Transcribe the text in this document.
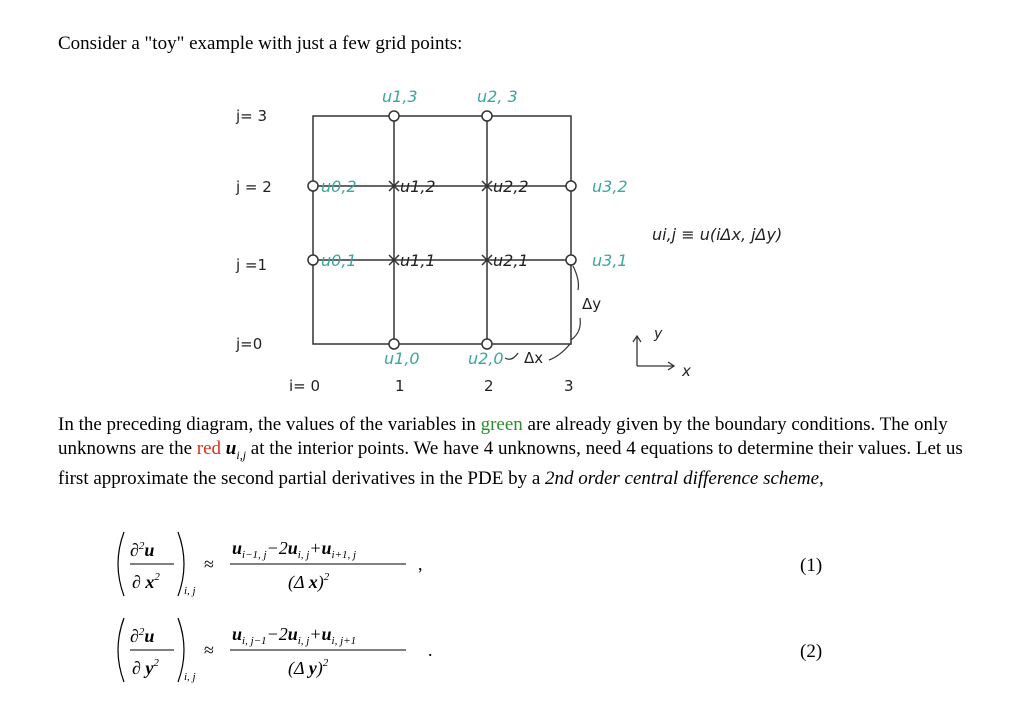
Consider a "toy" example with just a few grid points:
j= 3
j = 2
j =1
j=0
i= 0	1	2	3
u1,3	u2, 3
u0,2	u1,2	u2,2	u3,2
u0,1	u1,1	u2,1	u3,1
u1,0	u2,0 Δx
Δy
ui,j ≡ u(iΔx, jΔy)
y
x
In the preceding diagram, the values of the variables in green are already given by the boundary conditions. The only unknowns are the red $u_{i,j}$ at the interior points. We have 4 unknowns, need 4 equations to determine their values. Let us first approximate the second partial derivatives in the PDE by a 2nd order central difference scheme,
∂$^2$u
∂ $x^2$
i, j
≈
$u_{i-1, j}-2u_{i, j}+u_{i+1, j}$
(Δ x)$^2$
,	(1)
∂$^2$u
∂ $y^2$
i, j
≈
$u_{i, j-1}-2u_{i, j}+u_{i, j+1}$
(Δ y)$^2$
.	(2)
